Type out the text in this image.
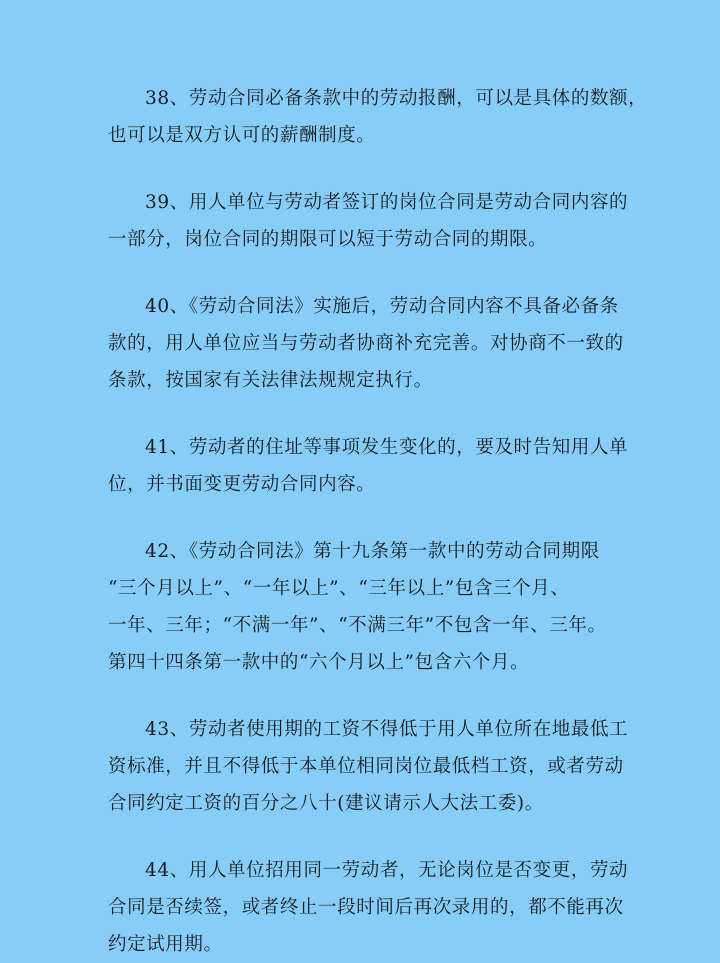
38、劳动合同必备条款中的劳动报酬，可以是具体的数额，
也可以是双方认可的薪酬制度。
39、用人单位与劳动者签订的岗位合同是劳动合同内容的
一部分，岗位合同的期限可以短于劳动合同的期限。
40、《劳动合同法》实施后，劳动合同内容不具备必备条
款的，用人单位应当与劳动者协商补充完善。对协商不一致的
条款，按国家有关法律法规规定执行。
41、劳动者的住址等事项发生变化的，要及时告知用人单
位，并书面变更劳动合同内容。
42、《劳动合同法》第十九条第一款中的劳动合同期限
“三个月以上”、“一年以上”、“三年以上”包含三个月、
一年、三年；“不满一年”、“不满三年”不包含一年、三年。
第四十四条第一款中的“六个月以上”包含六个月。
43、劳动者使用期的工资不得低于用人单位所在地最低工
资标准，并且不得低于本单位相同岗位最低档工资，或者劳动
合同约定工资的百分之八十(建议请示人大法工委)。
44、用人单位招用同一劳动者，无论岗位是否变更，劳动
合同是否续签，或者终止一段时间后再次录用的，都不能再次
约定试用期。
